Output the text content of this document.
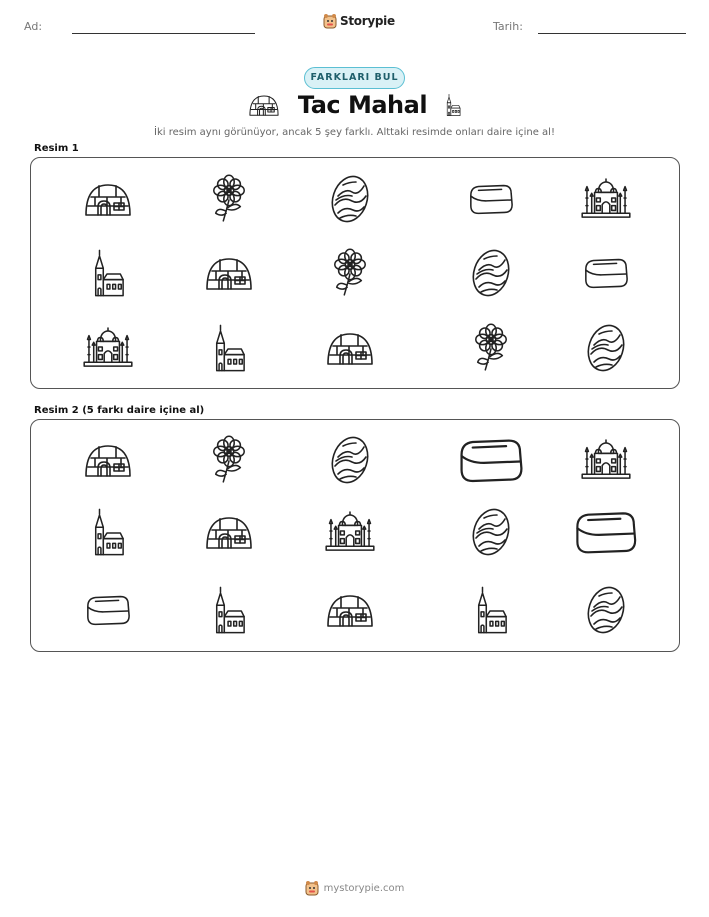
Ad:	Storypie	Tarih:
FARKLARI BUL
Tac Mahal
İki resim aynı görünüyor, ancak 5 şey farklı. Alttaki resimde onları daire içine al!
Resim 1
Resim 2 (5 farkı daire içine al)
mystorypie.com
